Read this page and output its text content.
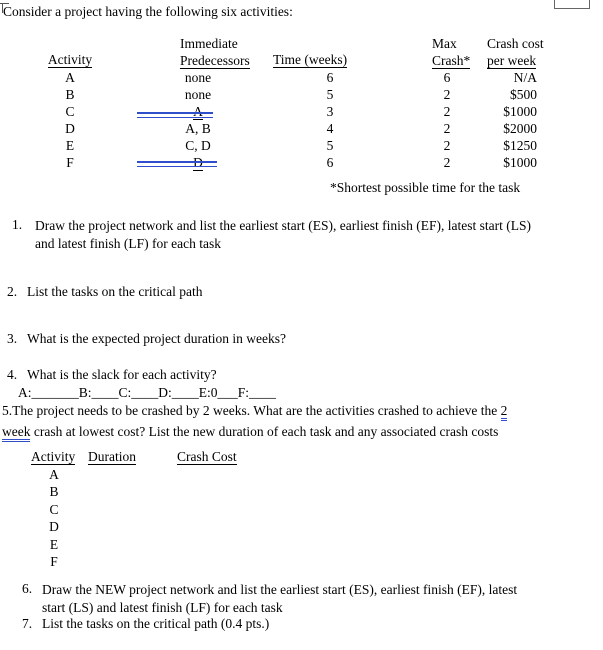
Consider a project having the following six activities:
Activity
Immediate
Predecessors Time (weeks)
Max
Crash*
Crash cost
per week
A
B
C
D
E
F
none
none
A
A, B
C, D
D
6
5
3
4
5
6
6
2
2
2
2
2
N/A
$500
$1000
$2000
$1250
$1000
*Shortest possible time for the task
1. Draw the project network and list the earliest start (ES), earliest finish (EF), latest start (LS)
and latest finish (LF) for each task
2. List the tasks on the critical path
3. What is the expected project duration in weeks?
4. What is the slack for each activity?
A:_______B:____C:____D:____E:0___F:____
5.The project needs to be crashed by 2 weeks. What are the activities crashed to achieve the 2
week crash at lowest cost? List the new duration of each task and any associated crash costs
Activity Duration	Crash Cost
A
B
C
D
E
F
6. Draw the NEW project network and list the earliest start (ES), earliest finish (EF), latest
start (LS) and latest finish (LF) for each task
7. List the tasks on the critical path (0.4 pts.)
